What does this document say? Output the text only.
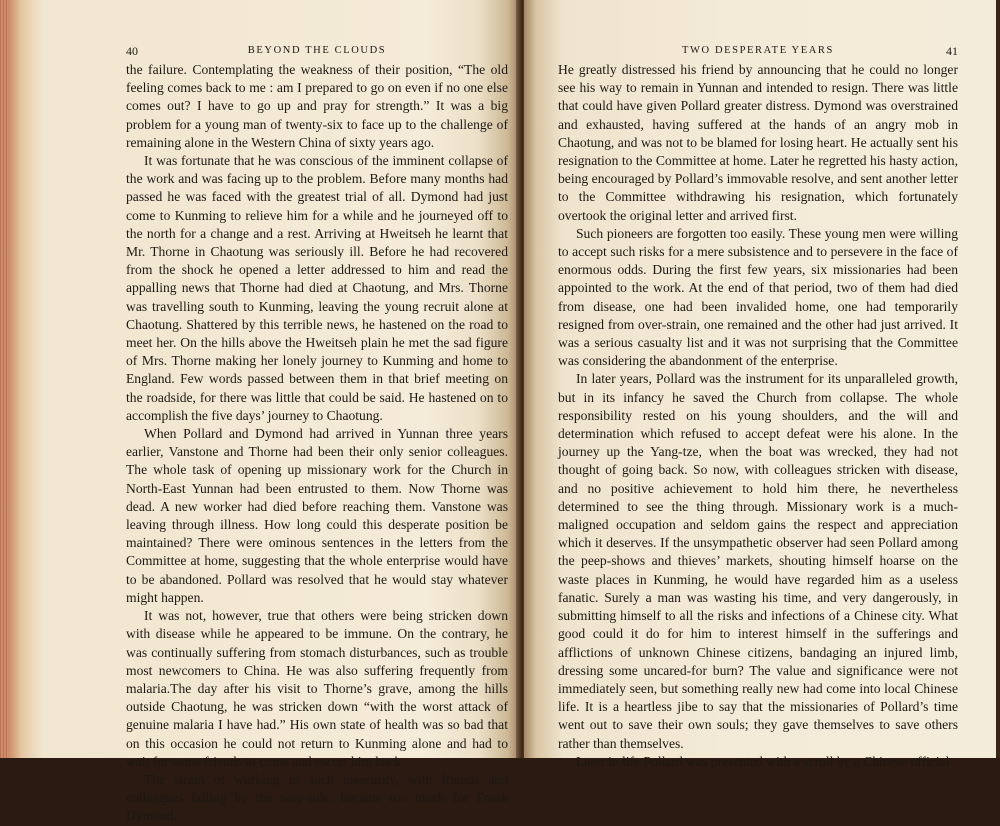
40	BEYOND THE CLOUDS

the failure. Contemplating the weakness of their position, “The old feeling comes back to me : am I prepared to go on even if no one else comes out? I have to go up and pray for strength.” It was a big problem for a young man of twenty-six to face up to the challenge of remaining alone in the Western China of sixty years ago.

It was fortunate that he was conscious of the imminent collapse of the work and was facing up to the problem. Before many months had passed he was faced with the greatest trial of all. Dymond had just come to Kunming to relieve him for a while and he journeyed off to the north for a change and a rest. Arriving at Hweitseh he learnt that Mr. Thorne in Chaotung was seriously ill. Before he had recovered from the shock he opened a letter addressed to him and read the appalling news that Thorne had died at Chaotung, and Mrs. Thorne was travelling south to Kunming, leaving the young recruit alone at Chaotung. Shattered by this terrible news, he hastened on the road to meet her. On the hills above the Hweitseh plain he met the sad figure of Mrs. Thorne making her lonely journey to Kunming and home to England. Few words passed between them in that brief meeting on the roadside, for there was little that could be said. He hastened on to accomplish the five days’ journey to Chaotung.

When Pollard and Dymond had arrived in Yunnan three years earlier, Vanstone and Thorne had been their only senior colleagues. The whole task of opening up missionary work for the Church in North-East Yunnan had been entrusted to them. Now Thorne was dead. A new worker had died before reaching them. Vanstone was leaving through illness. How long could this desperate position be maintained? There were ominous sentences in the letters from the Committee at home, suggesting that the whole enterprise would have to be abandoned. Pollard was resolved that he would stay whatever might happen.

It was not, however, true that others were being stricken down with disease while he appeared to be immune. On the contrary, he was continually suffering from stomach disturbances, such as trouble most newcomers to China. He was also suffering frequently from malaria.The day after his visit to Thorne’s grave, among the hills outside Chaotung, he was stricken down “with the worst attack of genuine malaria I have had.” His own state of health was so bad that on this occasion he could not return to Kunming alone and had to wait for some friends to come and escort him back.

The strain of working in such insecurity, with friends and colleagues falling by the way-side, became too much for Frank Dymond.

TWO DESPERATE YEARS	41

He greatly distressed his friend by announcing that he could no longer see his way to remain in Yunnan and intended to resign. There was little that could have given Pollard greater distress. Dymond was overstrained and exhausted, having suffered at the hands of an angry mob in Chaotung, and was not to be blamed for losing heart. He actually sent his resignation to the Committee at home. Later he regretted his hasty action, being encouraged by Pollard’s immovable resolve, and sent another letter to the Committee withdrawing his resignation, which fortunately overtook the original letter and arrived first.

Such pioneers are forgotten too easily. These young men were willing to accept such risks for a mere subsistence and to persevere in the face of enormous odds. During the first few years, six missionaries had been appointed to the work. At the end of that period, two of them had died from disease, one had been invalided home, one had temporarily resigned from over-strain, one remained and the other had just arrived. It was a serious casualty list and it was not surprising that the Committee was considering the abandonment of the enterprise.

In later years, Pollard was the instrument for its unparalleled growth, but in its infancy he saved the Church from collapse. The whole responsibility rested on his young shoulders, and the will and determination which refused to accept defeat were his alone. In the journey up the Yang-tze, when the boat was wrecked, they had not thought of going back. So now, with colleagues stricken with disease, and no positive achievement to hold him there, he nevertheless determined to see the thing through. Missionary work is a much-maligned occupation and seldom gains the respect and appreciation which it deserves. If the unsympathetic observer had seen Pollard among the peep-shows and thieves’ markets, shouting himself hoarse on the waste places in Kunming, he would have regarded him as a useless fanatic. Surely a man was wasting his time, and very dangerously, in submitting himself to all the risks and infections of a Chinese city. What good could it do for him to interest himself in the sufferings and afflictions of unknown Chinese citizens, bandaging an injured limb, dressing some uncared-for burn? The value and significance were not immediately seen, but something really new had come into local Chinese life. It is a heartless jibe to say that the missionaries of Pollard’s time went out to save their own souls; they gave themselves to save others rather than themselves.

Later in life Pollard was presented with a scroll by a Chinese official
